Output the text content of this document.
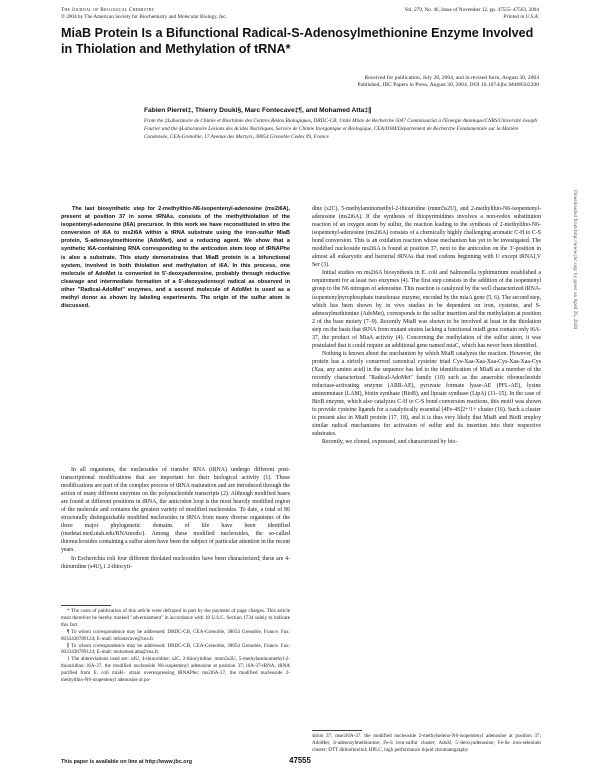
The Journal of Biological Chemistry
© 2004 by The American Society for Biochemistry and Molecular Biology, Inc.
Vol. 279, No. 46, Issue of November 12, pp. 47555–47563, 2004
Printed in U.S.A.
MiaB Protein Is a Bifunctional Radical-S-Adenosylmethionine Enzyme Involved in Thiolation and Methylation of tRNA*
Received for publication, July 28, 2004, and in revised form, August 30, 2004
Published, JBC Papers in Press, August 30, 2004, DOI 10.1074/jbc.M408562200
Fabien Pierrel‡, Thierry Douki§, Marc Fontecave‡¶, and Mohamed Atta‡∥
From the ‡Laboratoire de Chimie et Biochimie des Centres Rédox Biologiques, DRDC-CB, Unité Mixte de Recherche 5047 Commissariat à l'Energie Atomique/CNRS/Université Joseph Fourier and the §Laboratoire Lésions des Acides Nucléiques, Service de Chimie Inorganique et Biologique, CEA/DSM/Département de Recherche Fondamentale sur la Matière Condensée, CEA-Grenoble, 17 Avenue des Martyrs, 38054 Grenoble Cedex 09, France
The last biosynthetic step for 2-methylthio-N6-isopentenyl-adenosine (ms2i6A), present at position 37 in some tRNAs, consists of the methylthiolation of the isopentenyl-adenosine (i6A) precursor. In this work we have reconstituted in vitro the conversion of i6A to ms2i6A within a tRNA substrate using the iron-sulfur MiaB protein, S-adenosylmethionine (AdoMet), and a reducing agent. We show that a synthetic i6A-containing RNA corresponding to the anticodon stem loop of tRNAPhe is also a substrate. This study demonstrates that MiaB protein is a bifunctional system, involved in both thiolation and methylation of i6A. In this process, one molecule of AdoMet is converted to 5′-deoxyadenosine, probably through reductive cleavage and intermediate formation of a 5′-deoxyadenosyl radical as observed in other "Radical-AdoMet" enzymes, and a second molecule of AdoMet is used as a methyl donor as shown by labeling experiments. The origin of the sulfur atom is discussed.

In all organisms, the nucleosides of transfer RNA (tRNA) undergo different post-transcriptional modifications that are important for their biological activity (1). These modifications are part of the complex process of tRNA maturation and are introduced through the action of many different enzymes on the polynucleotide transcripts (2). Although modified bases are found at different positions in tRNA, the anticodon loop is the most heavily modified region of the molecule and contains the greatest variety of modified nucleosides. To date, a total of 86 structurally distinguishable modified nucleosides in tRNA from many diverse organisms of the three major phylogenetic domains of life have been identified (medstat.med.utah.edu/RNAmods/). Among these modified nucleosides, the so-called thionucleosides containing a sulfur atom have been the subject of particular attention in the recent years.

In Escherichia coli four different thiolated nucleosides have been characterized; these are 4-thiouridine (s4U),1 2-thiocyti-

* The costs of publication of this article were defrayed in part by the payment of page charges. This article must therefore be hereby marked "advertisement" in accordance with 18 U.S.C. Section 1734 solely to indicate this fact.

¶ To whom correspondence may be addressed: DRDC-CB, CEA-Grenoble, 38054 Grenoble, France. Fax: 0033438789124; E-mail: mfontecave@cea.fr.

∥ To whom correspondence may be addressed: DRDC-CB, CEA-Grenoble, 38054 Grenoble, France. Fax: 0033438789124; E-mail: mohamed.atta@cea.fr.

1 The abbreviations used are: s4U, 4-thiouridine; s2C, 2-thiocytidine; mnm5s2U, 5-methylaminomethyl-2-thiouridine; i6A-37, the modified nucleoside N6-isopentenyl adenosine at position 37; i6A-37-tRNA, tRNA purified from E. coli miaB− strain overexpressing tRNAPhe; ms2i6A-37, the modified nucleoside 2-methylthio-N6-isopentenyl adenosine at po-

dine (s2C), 5-methylaminomethyl-2-thiouridine (mnm5s2U), and 2-methylthio-N6-isopentenyl-adenosine (ms2i6A). If the synthesis of thiopyrimidines involves a non-redox substitution reaction of an oxygen atom by sulfur, the reaction leading to the synthesis of 2-methylthio-N6-isopentenyl-adenosine (ms2i6A) consists of a chemically highly challenging aromatic C-H to C-S bond conversion. This is an oxidation reaction whose mechanism has yet to be investigated. The modified nucleoside ms2i6A is found at position 37, next to the anticodon on the 3′-position in almost all eukaryotic and bacterial tRNAs that read codons beginning with U except tRNAI,V Ser (3).

Initial studies on ms2i6A biosynthesis in E. coli and Salmonella typhimurium established a requirement for at least two enzymes (4). The first step consists in the addition of the isopentenyl group to the N6 nitrogen of adenosine. This reaction is catalyzed by the well characterized tRNA-isopentenylpyrophosphate transferase enzyme, encoded by the miaA gene (5, 6). The second step, which has been shown by in vivo studies to be dependent on iron, cysteine, and S-adenosylmethionine (AdoMet), corresponds to the sulfur insertion and the methylation at position 2 of the base moiety (7–9). Recently MiaB was shown to be involved at least in the thiolation step on the basis that tRNA from mutant strains lacking a functional miaB gene contain only i6A-37, the product of MiaA activity (4). Concerning the methylation of the sulfur atom, it was postulated that it could require an additional gene named miaC, which has never been identified.

Nothing is known about the mechanism by which MiaB catalyzes the reaction. However, the protein has a strictly conserved canonical cysteine triad Cys-Xaa-Xaa-Xaa-Cys-Xaa-Xaa-Cys (Xaa, any amino acid) in the sequence has led to the identification of MiaB as a member of the recently characterized "Radical-AdoMet" family (10) such as the anaerobic ribonucleotide reductase-activating enzyme (ARR-AE), pyruvate formate lyase-AE (PFL-AE), lysine aminomutase (LAM), biotin synthase (BioB), and lipoate synthase (LipA) (11–15). In the case of BioB enzyme, which also catalyzes C-H to C-S bond conversion reactions, this motif was shown to provide cysteine ligands for a catalytically essential [4Fe-4S]2+/1+ cluster (16). Such a cluster is present also in MiaB protein (17, 18), and it is thus very likely that MiaB and BioB employ similar radical mechanisms for activation of sulfur and its insertion into their respective substrates.

Recently, we cloned, expressed, and characterized by bio-

sition 37; mse2i6A-37, the modified nucleoside 2-methylseleno-N6-isopentenyl adenosine at position 37; AdoMet, S-adenosylmethionine; Fe-S iron-sulfur cluster; AdoH, 5′-deoxyadenosine; Fe-Se iron-selenium cluster; DTT dithiothreitol; HPLC, high performance liquid chromatography.

Downloaded from http://www.jbc.org/ by guest on April 25, 2020
This paper is available on line at http://www.jbc.org	47555
